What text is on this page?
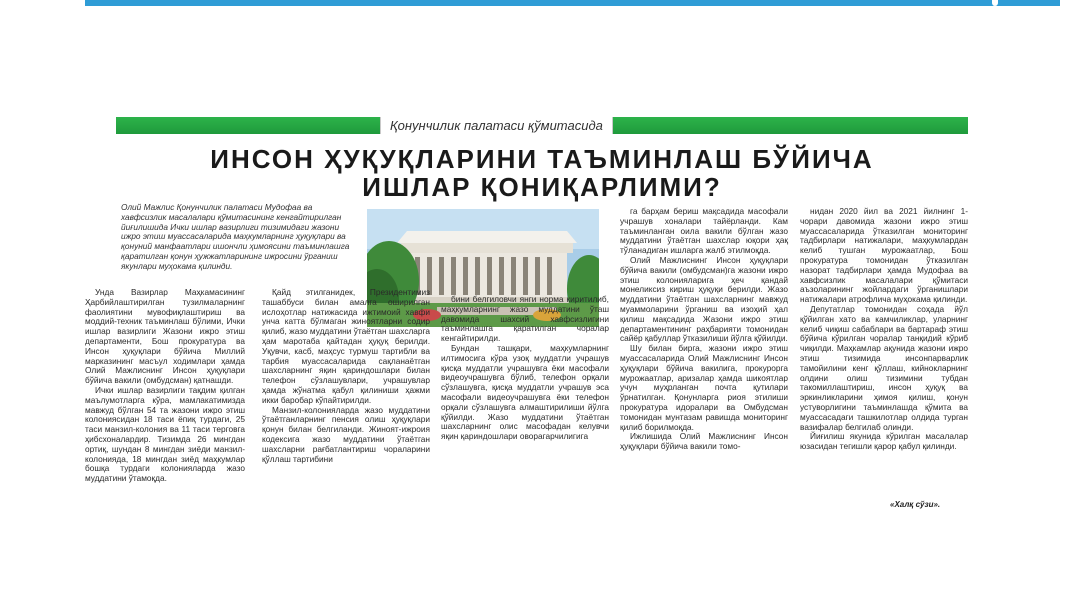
Қонунчилик палатаси қўмитасида
ИНСОН ҲУҚУҚЛАРИНИ ТАЪМИНЛАШ БЎЙИЧА
ИШЛАР ҚОНИҚАРЛИМИ?
Олий Мажлис Қонунчилик палатаси Мудофаа ва хавфсизлик масалалари қўмитасининг кенгайтирилган йиғилишида Ички ишлар вазирлиги тизимидаги жазони ижро этиш муассасаларида маҳкумларнинг ҳуқуқлари ва қонуний манфаатлари ишончли ҳимоясини таъминлашга қаратилган қонун ҳужжатларининг ижросини ўрганиш якунлари муҳокама қилинди.

Унда Вазирлар Маҳкамасининг Ҳарбийлаштирилган тузилмаларнинг фаолиятини мувофиқлаштириш ва моддий-техник таъминлаш бўлими, Ички ишлар вазирлиги Жазони ижро этиш департаменти, Бош прокуратура ва Инсон ҳуқуқлари бўйича Миллий марказининг масъул ходимлари ҳамда Олий Мажлиснинг Инсон ҳуқуқлари бўйича вакили (омбудсман) қатнашди.

Ички ишлар вазирлиги тақдим қилган маълумотларга кўра, мамлакатимизда мавжуд бўлган 54 та жазони ижро этиш колониясидан 18 таси ёпиқ турдаги, 25 таси манзил-колония ва 11 таси терговга ҳибсхоналардир. Тизимда 26 мингдан ортиқ, шундан 8 мингдан зиёди манзил-колонияда, 18 мингдан зиёд маҳкумлар бошқа турдаги колонияларда жазо муддатини ўтамоқда.

Қайд этилганидек, Президентимиз ташаббуси билан амалга оширилган ислоҳотлар натижасида ижтимоий хавфи унча катта бўлмаган жиноятларни содир қилиб, жазо муддатини ўтаётган шахсларга ҳам маротаба қайтадан ҳуқуқ берилди. Уқувчи, касб, маҳсус турмуш тартибли ва тарбия муассасаларида сақланаётган шахсларнинг яқин қариндошлари билан телефон сўзлашувлари, учрашувлар ҳамда жўнатма қабул қилиниши ҳажми икки баробар кўпайтирилди.

Манзил-колонияларда жазо муддатини ўтаётганларнинг пенсия олиш ҳуқуқлари қонун билан белгиланди. Жиноят-ижроия кодексига жазо муддатини ўтаётган шахсларни рағбатлантириш чораларини қўллаш тартибини

бини белгиловчи янги норма киритилиб, маҳкумларнинг жазо муддатини ўташ давомида шахсий хавфсизлигини таъминлашга қаратилган чоралар кенгайтирилди.

Бундан ташқари, маҳкумларнинг илтимосига кўра узоқ муддатли учрашув қисқа муддатли учрашувга ёки масофали видеоучрашувга бўлиб, телефон орқали сўзлашувга, қисқа муддатли учрашув эса масофали видеоучрашувга ёки телефон орқали сўзлашувга алмаштирилиши йўлга қўйилди. Жазо муддатини ўтаётган шахсларнинг олис масофадан келувчи яқин қариндошлари оворагарчилигига

га барҳам бериш мақсадида масофали учрашув хоналари тайёрланди. Кам таъминланган оила вакили бўлган жазо муддатини ўтаётган шахслар юқори ҳақ тўланадиган ишларга жалб этилмоқда.

Олий Мажлиснинг Инсон ҳуқуқлари бўйича вакили (омбудсман)га жазони ижро этиш колонияларига ҳеч қандай монеликсиз кириш ҳуқуқи берилди. Жазо муддатини ўтаётган шахсларнинг мавжуд муаммоларини ўрганиш ва изоҳий ҳал қилиш мақсадида Жазони ижро этиш департаментининг раҳбарияти томонидан сайёр қабуллар ўтказилиши йўлга қўйилди.

Шу билан бирга, жазони ижро этиш муассасаларида Олий Мажлиснинг Инсон ҳуқуқлари бўйича вакилига, прокурорга мурожаатлар, аризалар ҳамда шикоятлар учун муҳрланган почта қутилари ўрнатилган. Қонунларга риоя этилиши прокуратура идоралари ва Омбудсман томонидан мунтазам равишда мониторинг қилиб борилмоқда.

Ижлишида Олий Мажлиснинг Инсон ҳуқуқлари бўйича вакили томо-

нидан 2020 йил ва 2021 йилнинг 1-чорари давомида жазони ижро этиш муассасаларида ўтказилган мониторинг тадбирлари натижалари, маҳкумлардан келиб тушган мурожаатлар, Бош прокуратура томонидан ўтказилган назорат тадбирлари ҳамда Мудофаа ва хавфсизлик масалалари қўмитаси аъзоларининг жойлардаги ўрганишлари натижалари атрофлича муҳокама қилинди.

Депутатлар томонидан соҳада йўл қўйилган хато ва камчиликлар, уларнинг келиб чиқиш сабаблари ва бартараф этиш бўйича кўрилган чоралар танқидий кўриб чиқилди. Маҳкамлар ақунида жазони ижро этиш тизимида инсонпарварлик тамойилини кенг қўллаш, кийнокларнинг олдини олиш тизимини тубдан такомиллаштириш, инсон ҳуқуқ ва эркинликларини ҳимоя қилиш, қонун устуворлигини таъминлашда қўмита ва муассасадаги ташкилотлар олдида турган вазифалар белгилаб олинди.

Йиғилиш якунида кўрилган масалалар юзасидан тегишли қарор қабул қилинди.

«Халқ сўзи».
